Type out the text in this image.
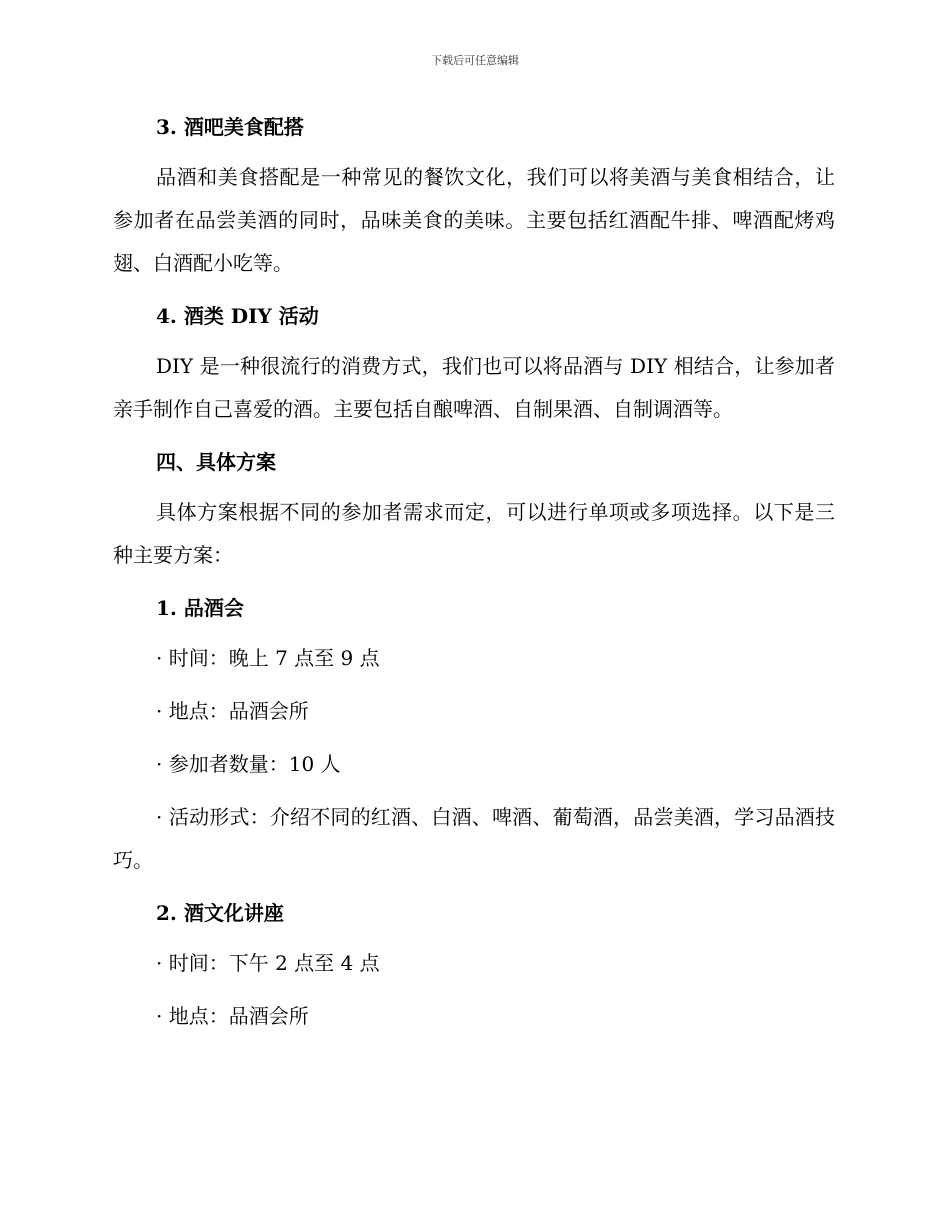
下载后可任意编辑
3. 酒吧美食配搭

品酒和美食搭配是一种常见的餐饮文化，我们可以将美酒与美食相结合，让参加者在品尝美酒的同时，品味美食的美味。主要包括红酒配牛排、啤酒配烤鸡翅、白酒配小吃等。

4. 酒类 DIY 活动

DIY 是一种很流行的消费方式，我们也可以将品酒与 DIY 相结合，让参加者亲手制作自己喜爱的酒。主要包括自酿啤酒、自制果酒、自制调酒等。

四、具体方案

具体方案根据不同的参加者需求而定，可以进行单项或多项选择。以下是三种主要方案：

1. 品酒会

· 时间：晚上 7 点至 9 点

· 地点：品酒会所

· 参加者数量：10 人

· 活动形式：介绍不同的红酒、白酒、啤酒、葡萄酒，品尝美酒，学习品酒技巧。

2. 酒文化讲座

· 时间：下午 2 点至 4 点

· 地点：品酒会所
